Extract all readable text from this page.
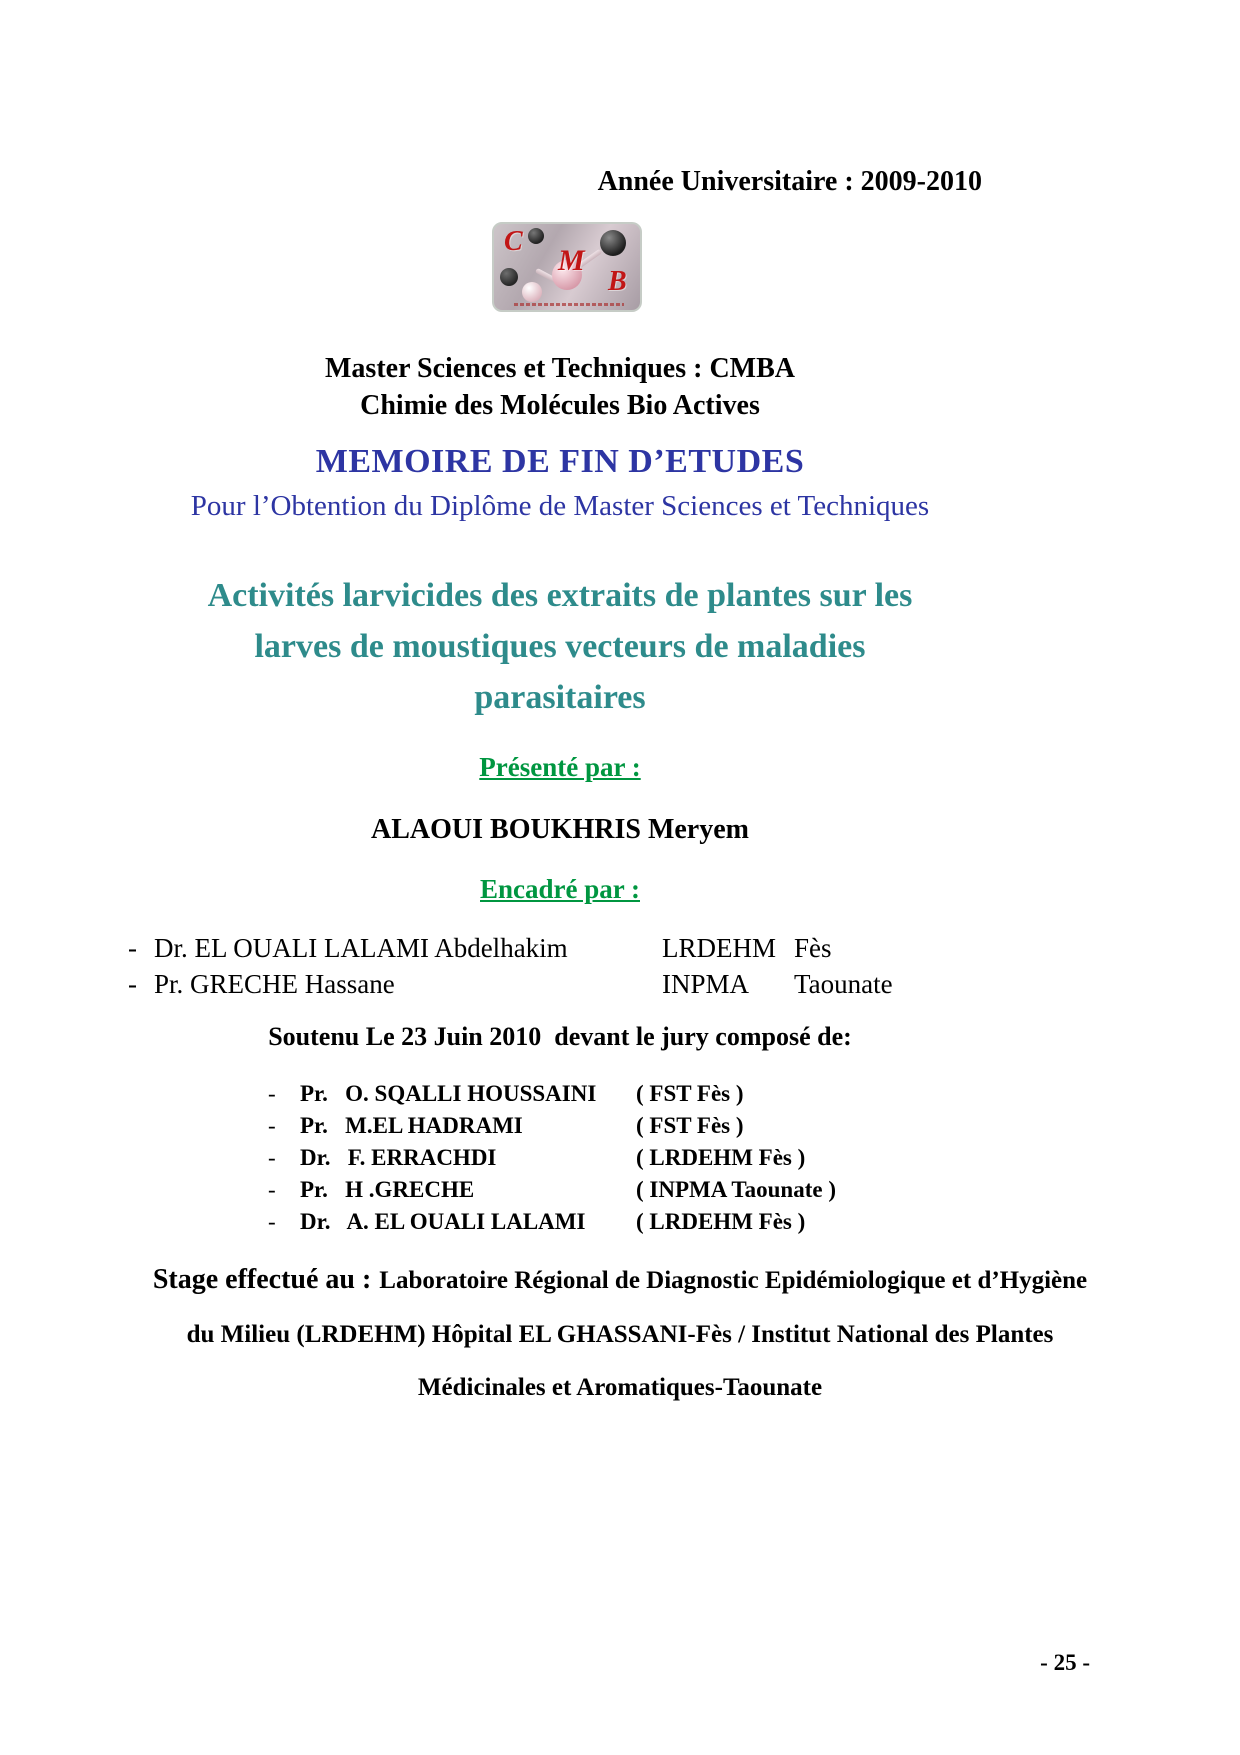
Année Universitaire : 2009-2010
C
M
B
Master Sciences et Techniques : CMBA
Chimie des Molécules Bio Actives
MEMOIRE DE FIN D’ETUDES
Pour l’Obtention du Diplôme de Master Sciences et Techniques
Activités larvicides des extraits de plantes sur les
larves de moustiques vecteurs de maladies
parasitaires
Présenté par :
ALAOUI BOUKHRIS Meryem
Encadré par :
- Dr. EL OUALI LALAMI Abdelhakim	LRDEHM Fès
- Pr. GRECHE Hassane	INPMA	Taounate
Soutenu Le 23 Juin 2010  devant le jury composé de:
-	Pr.   O. SQALLI HOUSSAINI	( FST Fès )
-	Pr.   M.EL HADRAMI	( FST Fès )
-	Dr.   F. ERRACHDI	( LRDEHM Fès )
-	Pr.   H .GRECHE	( INPMA Taounate )
-	Dr.   A. EL OUALI LALAMI	( LRDEHM Fès )
Stage effectué au : Laboratoire Régional de Diagnostic Epidémiologique et d’Hygiène
du Milieu (LRDEHM) Hôpital EL GHASSANI-Fès / Institut National des Plantes
Médicinales et Aromatiques-Taounate
- 25 -
